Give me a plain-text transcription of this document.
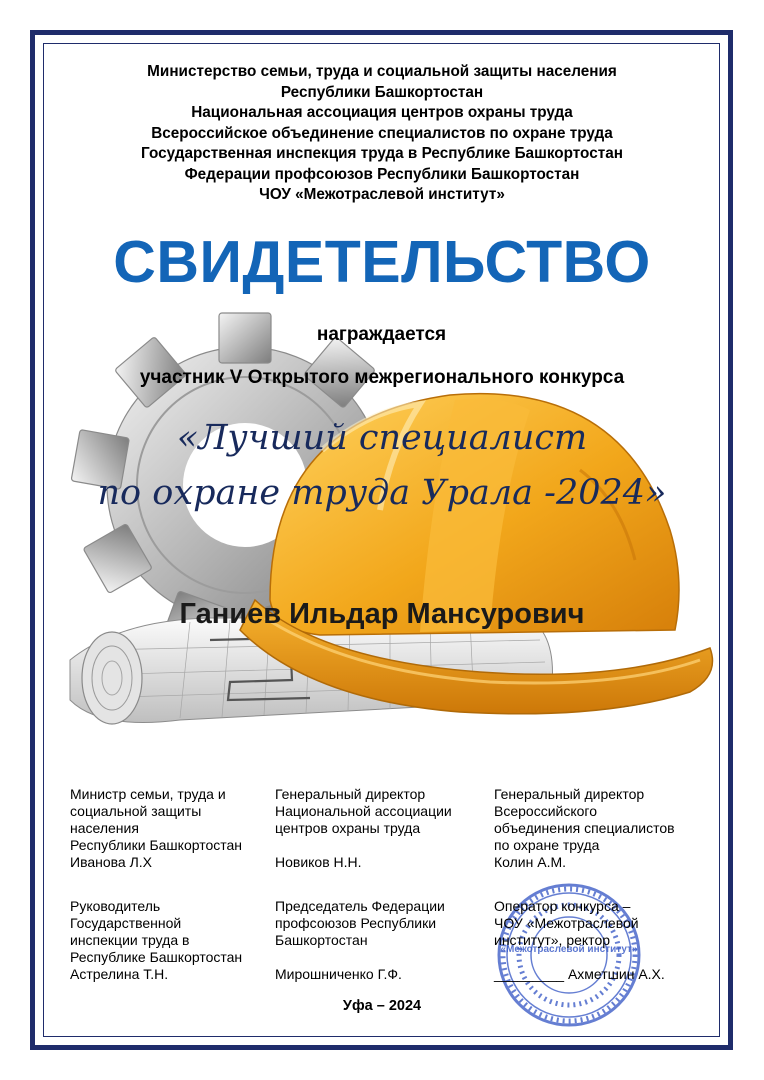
Министерство семьи, труда и социальной защиты населения
Республики Башкортостан
Национальная ассоциация центров охраны труда
Всероссийское объединение специалистов по охране труда
Государственная инспекция труда в Республике Башкортостан
Федерации профсоюзов Республики Башкортостан
ЧОУ «Межотраслевой институт»
СВИДЕТЕЛЬСТВО
награждается
участник V Открытого межрегионального конкурса
«Лучший специалист
по охране труда Урала -2024»
Ганиев Ильдар Мансурович
Министр семьи, труда и
социальной защиты
населения
Республики Башкортостан
Иванова Л.Х
Генеральный директор
Национальной ассоциации
центров охраны труда
Новиков Н.Н.
Генеральный директор
Всероссийского
объединения специалистов
по охране труда
Колин А.М.
Руководитель
Государственной
инспекции труда в
Республике Башкортостан
Астрелина Т.Н.
Председатель Федерации
профсоюзов Республики
Башкортостан
Мирошниченко Г.Ф.
«Межотраслевой институт»
Оператор конкурса –
ЧОУ «Межотраслевой
институт», ректор
_________ Ахметшин А.Х.
Уфа – 2024
